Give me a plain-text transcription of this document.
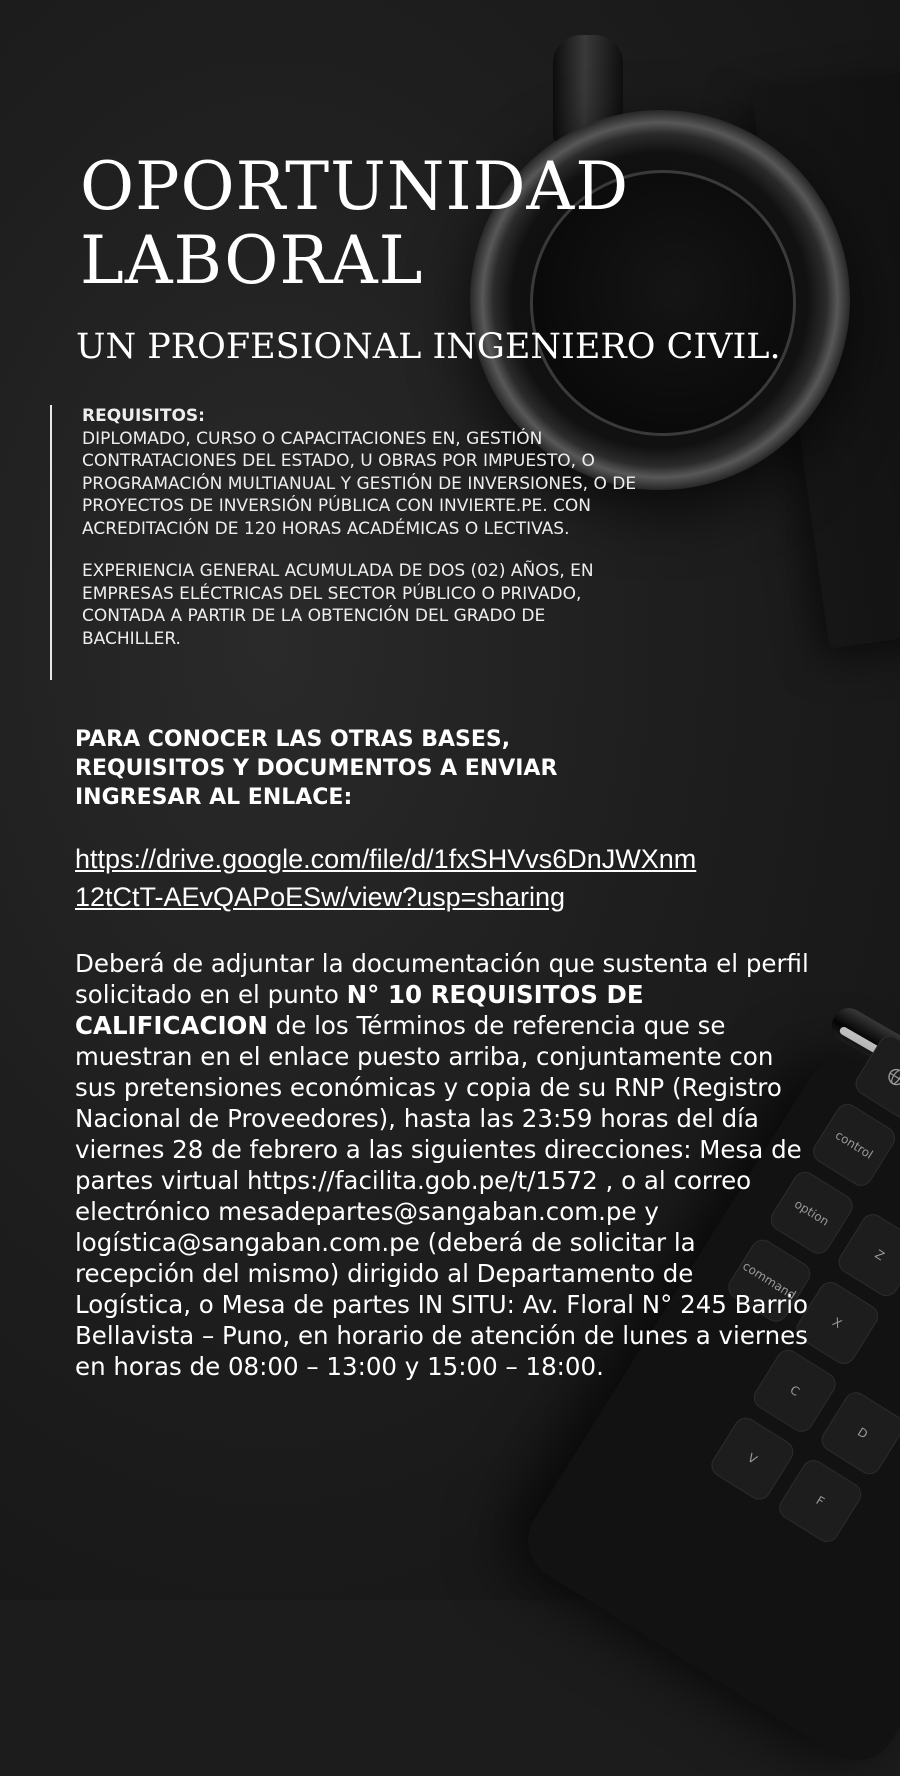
control
option
command
Z
X
C
V
D
F
OPORTUNIDAD
LABORAL
UN PROFESIONAL INGENIERO CIVIL.

REQUISITOS:

DIPLOMADO, CURSO O CAPACITACIONES EN, GESTIÓN CONTRATACIONES DEL ESTADO, U OBRAS POR IMPUESTO, O PROGRAMACIÓN MULTIANUAL Y GESTIÓN DE INVERSIONES, O DE PROYECTOS DE INVERSIÓN PÚBLICA CON INVIERTE.PE. CON ACREDITACIÓN DE 120 HORAS ACADÉMICAS O LECTIVAS.

EXPERIENCIA GENERAL ACUMULADA DE DOS (02) AÑOS, EN EMPRESAS ELÉCTRICAS DEL SECTOR PÚBLICO O PRIVADO, CONTADA A PARTIR DE LA OBTENCIÓN DEL GRADO DE BACHILLER.

PARA CONOCER LAS OTRAS BASES, REQUISITOS Y DOCUMENTOS A ENVIAR INGRESAR AL ENLACE:

https://drive.google.com/file/d/1fxSHVvs6DnJWXnm
12tCtT-AEvQAPoESw/view?usp=sharing

Deberá de adjuntar la documentación que sustenta el perfil solicitado en el punto N° 10 REQUISITOS DE CALIFICACION de los Términos de referencia que se muestran en el enlace puesto arriba, conjuntamente con sus pretensiones económicas y copia de su RNP (Registro Nacional de Proveedores), hasta las 23:59 horas del día viernes 28 de febrero a las siguientes direcciones: Mesa de partes virtual https://facilita.gob.pe/t/1572 , o al correo electrónico mesadepartes@sangaban.com.pe y logística@sangaban.com.pe (deberá de solicitar la recepción del mismo) dirigido al Departamento de Logística, o Mesa de partes IN SITU: Av. Floral N° 245 Barrio Bellavista – Puno, en horario de atención de lunes a viernes en horas de 08:00 – 13:00 y 15:00 – 18:00.
